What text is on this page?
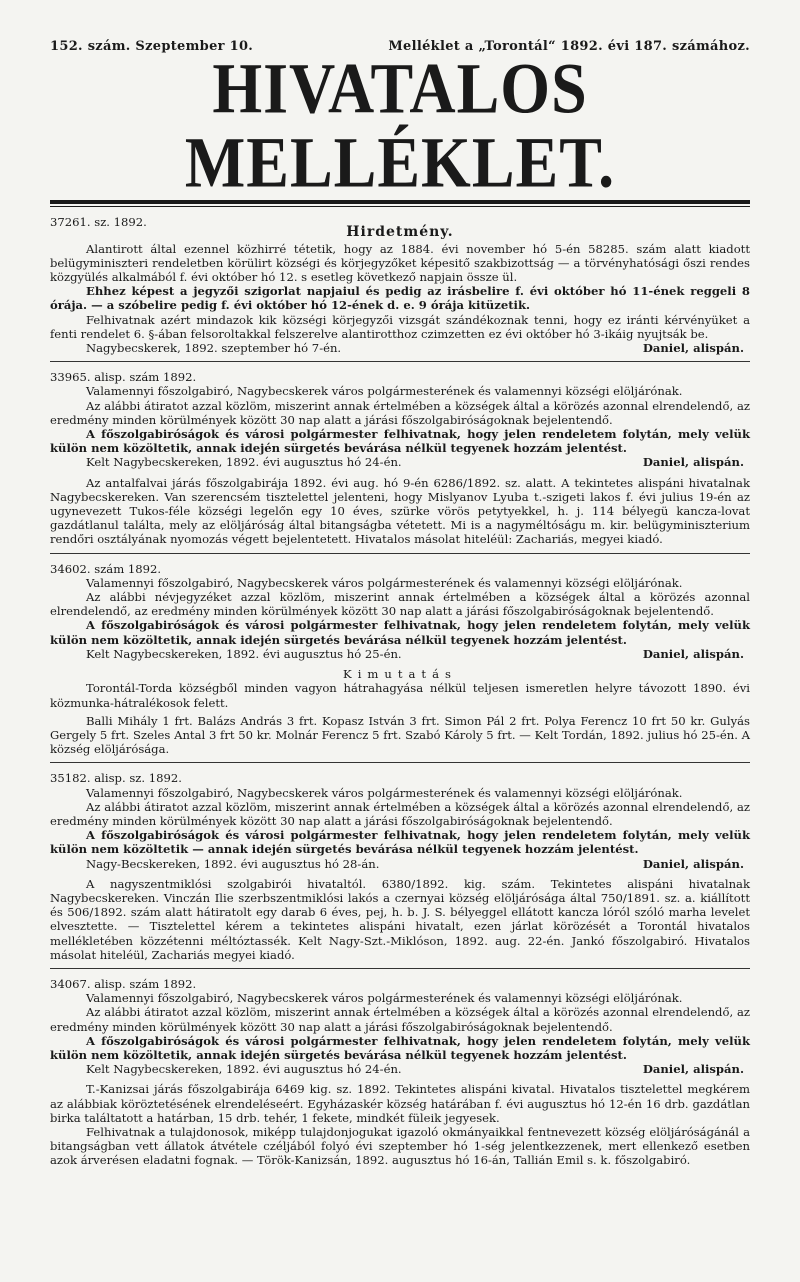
152. szám. Szeptember 10.	Melléklet a „Torontál“ 1892. évi 187. számához.
HIVATALOS MELLÉKLET.
37261. sz. 1892.
Hirdetmény.

Alantirott által ezennel közhirré tétetik, hogy az 1884. évi november hó 5-én 58285. szám alatt kiadott belügyminiszteri rendeletben körülirt községi és körjegyzőket képesitő szakbizottság — a törvényhatósági őszi rendes közgyülés alkalmából f. évi október hó 12. s esetleg következő napjain össze ül.

Ehhez képest a jegyzői szigorlat napjaiul és pedig az irásbelire f. évi október hó 11-ének reggeli 8 órája. — a szóbelire pedig f. évi október hó 12-ének d. e. 9 órája kitüzetik.

Felhivatnak azért mindazok kik községi körjegyzői vizsgát szándékoznak tenni, hogy ez iránti kérvényüket a fenti rendelet 6. §-ában felsoroltakkal felszerelve alantirotthoz czimzetten ez évi október hó 3-ikáig nyujtsák be.

Nagybecskerek, 1892. szeptember hó 7-én.	Daniel, alispán.
33965. alisp. szám 1892.

Valamennyi főszolgabiró, Nagybecskerek város polgármesterének és valamennyi községi elöljárónak.

Az alábbi átiratot azzal közlöm, miszerint annak értelmében a községek által a körözés azonnal elrendelendő, az eredmény minden körülmények között 30 nap alatt a járási főszolgabiróságoknak bejelentendő.

A főszolgabiróságok és városi polgármester felhivatnak, hogy jelen rendeletem folytán, mely velük külön nem közöltetik, annak idején sürgetés bevárása nélkül tegyenek hozzám jelentést.

Kelt Nagybecskereken, 1892. évi augusztus hó 24-én.	Daniel, alispán.

Az antalfalvai járás főszolgabirája 1892. évi aug. hó 9-én 6286/1892. sz. alatt. A tekintetes alispáni hivatalnak Nagybecskereken. Van szerencsém tisztelettel jelenteni, hogy Mislyanov Lyuba t.-szigeti lakos f. évi julius 19-én az ugynevezett Tukos-féle községi legelőn egy 10 éves, szürke vörös petytyekkel, h. j. 114 bélyegü kancza-lovat gazdátlanul találta, mely az elöljáróság által bitangságba vétetett. Mi is a nagyméltóságu m. kir. belügyminiszterium rendőri osztályának nyomozás végett bejelentetett. Hivatalos másolat hiteléül: Zachariás, megyei kiadó.

34602. szám 1892.

Valamennyi főszolgabiró, Nagybecskerek város polgármesterének és valamennyi községi elöljárónak.

Az alábbi névjegyzéket azzal közlöm, miszerint annak értelmében a községek által a körözés azonnal elrendelendő, az eredmény minden körülmények között 30 nap alatt a járási főszolgabiróságoknak bejelentendő.

A főszolgabiróságok és városi polgármester felhivatnak, hogy jelen rendeletem folytán, mely velük külön nem közöltetik, annak idején sürgetés bevárása nélkül tegyenek hozzám jelentést.

Kelt Nagybecskereken, 1892. évi augusztus hó 25-én.	Daniel, alispán.

Kimutatás

Torontál-Torda községből minden vagyon hátrahagyása nélkül teljesen ismeretlen helyre távozott 1890. évi közmunka-hátralékosok felett.

Balli Mihály 1 frt. Balázs András 3 frt. Kopasz István 3 frt. Simon Pál 2 frt. Polya Ferencz 10 frt 50 kr. Gulyás Gergely 5 frt. Szeles Antal 3 frt 50 kr. Molnár Ferencz 5 frt. Szabó Károly 5 frt. — Kelt Tordán, 1892. julius hó 25-én. A község elöljárósága.

35182. alisp. sz. 1892.

Valamennyi főszolgabiró, Nagybecskerek város polgármesterének és valamennyi községi elöljárónak.

Az alábbi átiratot azzal közlöm, miszerint annak értelmében a községek által a körözés azonnal elrendelendő, az eredmény minden körülmények között 30 nap alatt a járási főszolgabiróságoknak bejelentendő.

A főszolgabiróságok és városi polgármester felhivatnak, hogy jelen rendeletem folytán, mely velük külön nem közöltetik — annak idején sürgetés bevárása nélkül tegyenek hozzám jelentést.

Nagy-Becskereken, 1892. évi augusztus hó 28-án.	Daniel, alispán.

A nagyszentmiklósi szolgabirói hivataltól. 6380/1892. kig. szám. Tekintetes alispáni hivatalnak Nagybecskereken. Vinczán Ilie szerbszentmiklósi lakós a czernyai község elöljárósága által 750/1891. sz. a. kiállított és 506/1892. szám alatt hátiratolt egy darab 6 éves, pej, h. b. J. S. bélyeggel ellátott kancza lóról szóló marha levelet elvesztette. — Tisztelettel kérem a tekintetes alispáni hivatalt, ezen járlat körözését a Torontál hivatalos mellékletében közzétenni méltóztassék. Kelt Nagy-Szt.-Miklóson, 1892. aug. 22-én. Jankó főszolgabiró. Hivatalos másolat hiteléül, Zachariás megyei kiadó.

34067. alisp. szám 1892.

Valamennyi főszolgabiró, Nagybecskerek város polgármesterének és valamennyi községi elöljárónak.

Az alábbi átiratot azzal közlöm, miszerint annak értelmében a községek által a körözés azonnal elrendelendő, az eredmény minden körülmények között 30 nap alatt a járási főszolgabiróságoknak bejelentendő.

A főszolgabiróságok és városi polgármester felhivatnak, hogy jelen rendeletem folytán, mely velük külön nem közöltetik, annak idején sürgetés bevárása nélkül tegyenek hozzám jelentést.

Kelt Nagybecskereken, 1892. évi augusztus hó 24-én.	Daniel, alispán.

T.-Kanizsai járás főszolgabirája 6469 kig. sz. 1892. Tekintetes alispáni kivatal. Hivatalos tisztelettel megkérem az alábbiak köröztetésének elrendeléseért. Egyházaskér község határában f. évi augusztus hó 12-én 16 drb. gazdátlan birka találtatott a határban, 15 drb. tehér, 1 fekete, mindkét füleik jegyesek.

Felhivatnak a tulajdonosok, miképp tulajdonjogukat igazoló okmányaikkal fentnevezett község elöljáróságánál a bitangságban vett állatok átvétele czéljából folyó évi szeptember hó 1-ség jelentkezzenek, mert ellenkező esetben azok árverésen eladatni fognak. — Török-Kanizsán, 1892. augusztus hó 16-án, Tallián Emil s. k. főszolgabiró.
